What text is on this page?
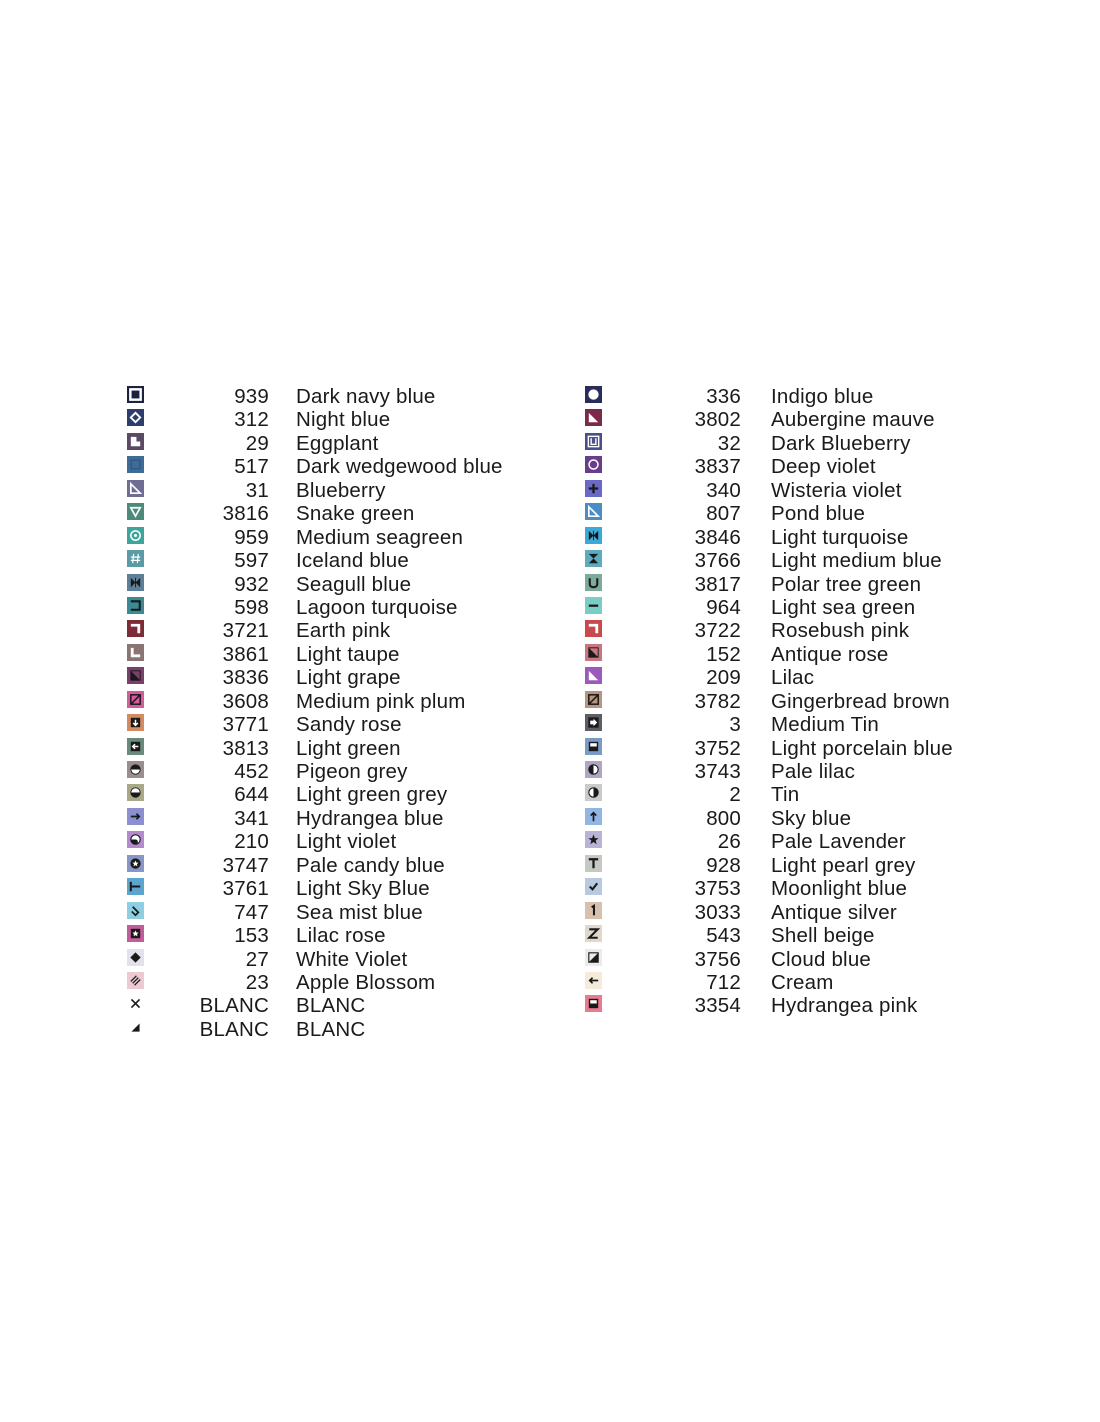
939 Dark navy blue
312 Night blue
29 Eggplant
517 Dark wedgewood blue
31 Blueberry
3816 Snake green
959 Medium seagreen
597 Iceland blue
932 Seagull blue
598 Lagoon turquoise
3721 Earth pink
3861 Light taupe
3836 Light grape
3608 Medium pink plum
3771 Sandy rose
3813 Light green
452 Pigeon grey
644 Light green grey
341 Hydrangea blue
210 Light violet
3747 Pale candy blue
3761 Light Sky Blue
747 Sea mist blue
153 Lilac rose
27 White Violet
23 Apple Blossom
BLANC BLANC
BLANC BLANC
336 Indigo blue
3802 Aubergine mauve
32 Dark Blueberry
3837 Deep violet
340 Wisteria violet
807 Pond blue
3846 Light turquoise
3766 Light medium blue
3817 Polar tree green
964 Light sea green
3722 Rosebush pink
152 Antique rose
209 Lilac
3782 Gingerbread brown
3 Medium Tin
3752 Light porcelain blue
3743 Pale lilac
2 Tin
800 Sky blue
26 Pale Lavender
928 Light pearl grey
3753 Moonlight blue
3033 Antique silver
543 Shell beige
3756 Cloud blue
712 Cream
3354 Hydrangea pink
